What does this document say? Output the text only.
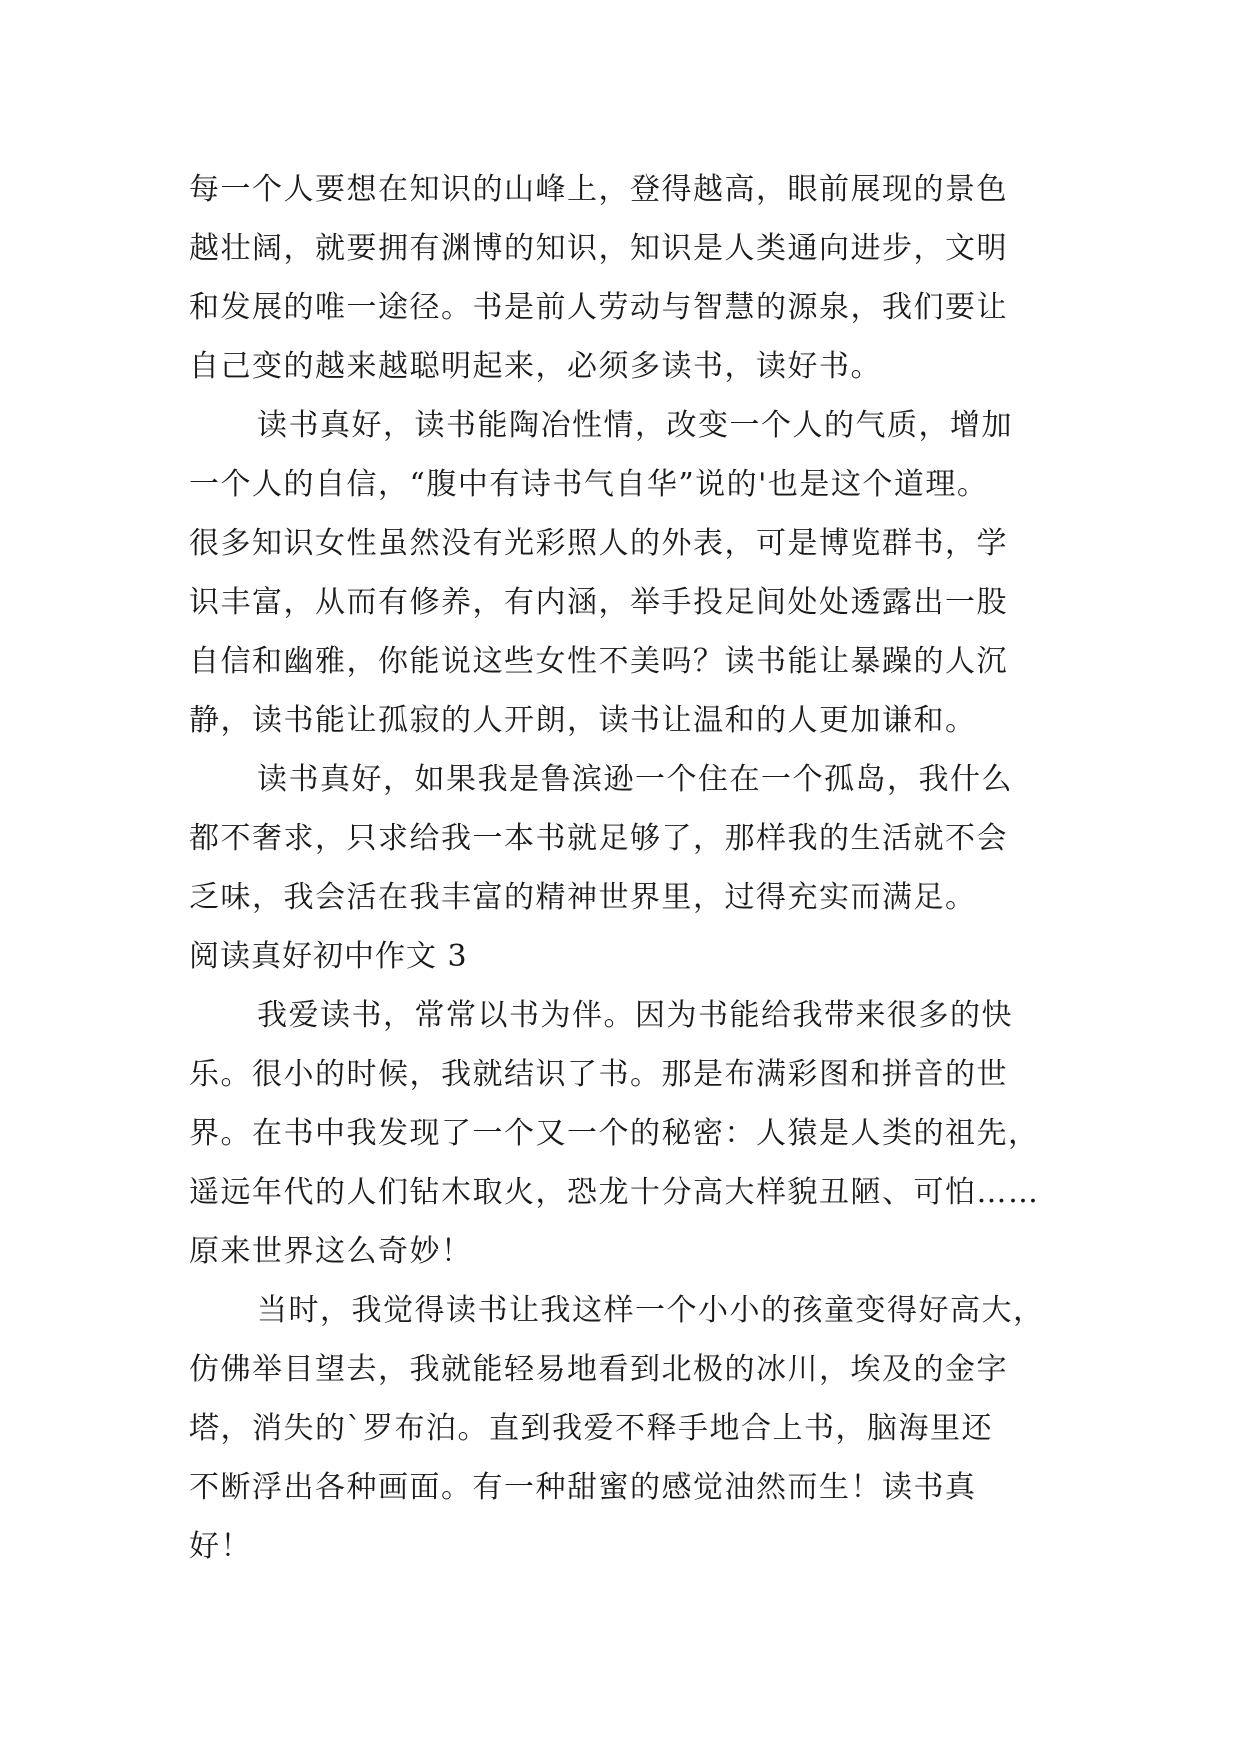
每一个人要想在知识的山峰上，登得越高，眼前展现的景色
越壮阔，就要拥有渊博的知识，知识是人类通向进步，文明
和发展的唯一途径。书是前人劳动与智慧的源泉，我们要让
自己变的越来越聪明起来，必须多读书，读好书。
读书真好，读书能陶冶性情，改变一个人的气质，增加
一个人的自信，“腹中有诗书气自华”说的'也是这个道理。
很多知识女性虽然没有光彩照人的外表，可是博览群书，学
识丰富，从而有修养，有内涵，举手投足间处处透露出一股
自信和幽雅，你能说这些女性不美吗？读书能让暴躁的人沉
静，读书能让孤寂的人开朗，读书让温和的人更加谦和。
读书真好，如果我是鲁滨逊一个住在一个孤岛，我什么
都不奢求，只求给我一本书就足够了，那样我的生活就不会
乏味，我会活在我丰富的精神世界里，过得充实而满足。
阅读真好初中作文 3
我爱读书，常常以书为伴。因为书能给我带来很多的快
乐。很小的时候，我就结识了书。那是布满彩图和拼音的世
界。在书中我发现了一个又一个的秘密：人猿是人类的祖先，
遥远年代的人们钻木取火，恐龙十分高大样貌丑陋、可怕……
原来世界这么奇妙！
当时，我觉得读书让我这样一个小小的孩童变得好高大，
仿佛举目望去，我就能轻易地看到北极的冰川，埃及的金字
塔，消失的`罗布泊。直到我爱不释手地合上书，脑海里还
不断浮出各种画面。有一种甜蜜的感觉油然而生！读书真
好！
